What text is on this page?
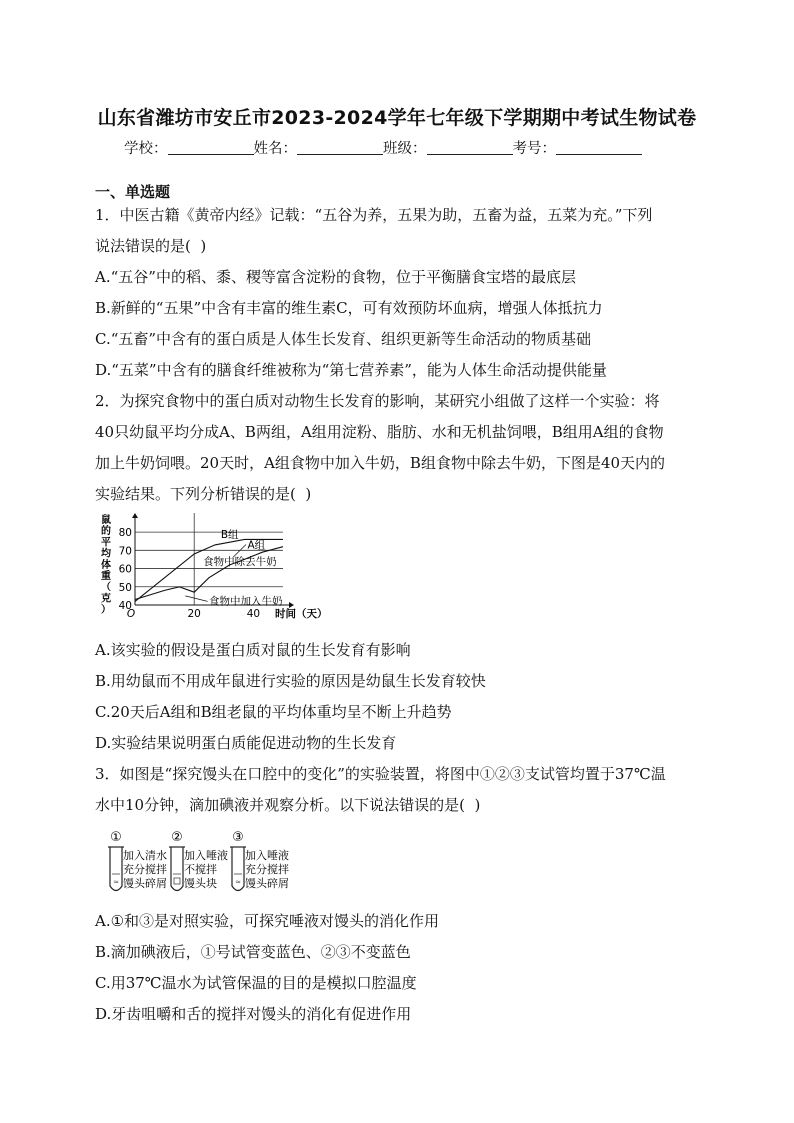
山东省潍坊市安丘市2023-2024学年七年级下学期期中考试生物试卷
学校：	姓名：	班级：	考号：
一、单选题
1．中医古籍《黄帝内经》记载：“五谷为养，五果为助，五畜为益，五菜为充。”下列
说法错误的是(  )
A.“五谷”中的稻、黍、稷等富含淀粉的食物，位于平衡膳食宝塔的最底层
B.新鲜的“五果”中含有丰富的维生素C，可有效预防坏血病，增强人体抵抗力
C.“五畜”中含有的蛋白质是人体生长发育、组织更新等生命活动的物质基础
D.“五菜”中含有的膳食纤维被称为“第七营养素”，能为人体生命活动提供能量
2．为探究食物中的蛋白质对动物生长发育的影响，某研究小组做了这样一个实验：将
40只幼鼠平均分成A、B两组，A组用淀粉、脂肪、水和无机盐饲喂，B组用A组的食物
加上牛奶饲喂。20天时，A组食物中加入牛奶，B组食物中除去牛奶，下图是40天内的
实验结果。下列分析错误的是(  )
40
50
60
70
80
O	20	40
B组
A组
食物中除去牛奶
食物中加入牛奶
鼠
的
平
均
体
重
（
克
）	时间（天）
A.该实验的假设是蛋白质对鼠的生长发育有影响
B.用幼鼠而不用成年鼠进行实验的原因是幼鼠生长发育较快
C.20天后A组和B组老鼠的平均体重均呈不断上升趋势
D.实验结果说明蛋白质能促进动物的生长发育
3．如图是“探究馒头在口腔中的变化”的实验装置，将图中①②③支试管均置于37℃温
水中10分钟，滴加碘液并观察分析。以下说法错误的是(  )
①
≈
加入清水
充分搅拌
馒头碎屑
②
加入唾液
不搅拌
馒头块
③
≈
加入唾液
充分搅拌
馒头碎屑
A.①和③是对照实验，可探究唾液对馒头的消化作用
B.滴加碘液后，①号试管变蓝色、②③不变蓝色
C.用37℃温水为试管保温的目的是模拟口腔温度
D.牙齿咀嚼和舌的搅拌对馒头的消化有促进作用
